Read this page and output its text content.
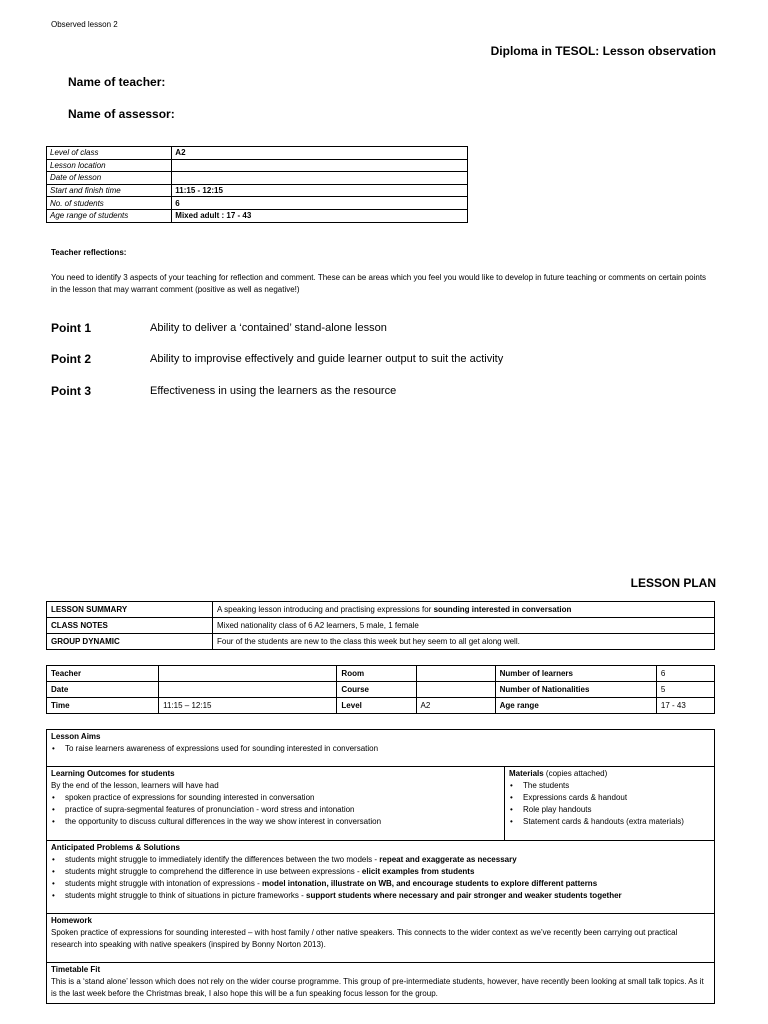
Observed lesson 2
Diploma in TESOL: Lesson observation
Name of teacher:
Name of assessor:
Level of class	A2
Lesson location	
Date of lesson	
Start and finish time	11:15 - 12:15
No. of students	6
Age range of students	Mixed adult : 17 - 43
Teacher reflections:
You need to identify 3 aspects of your teaching for reflection and comment. These can be areas which you feel you would like to develop in future teaching or comments on certain points in the lesson that may warrant comment (positive as well as negative!)
Point 1	Ability to deliver a ‘contained’ stand-alone lesson
Point 2	Ability to improvise effectively and guide learner output to suit the activity
Point 3	Effectiveness in using the learners as the resource
LESSON PLAN
LESSON SUMMARY	A speaking lesson introducing and practising expressions for sounding interested in conversation
CLASS NOTES	Mixed nationality class of 6 A2 learners, 5 male, 1 female
GROUP DYNAMIC	Four of the students are new to the class this week but hey seem to all get along well.
Teacher		Room		Number of learners	6
Date		Course		Number of Nationalities	5
Time	11:15 – 12:15	Level	A2	Age range	17 - 43
Lesson Aims
• To raise learners awareness of expressions used for sounding interested in conversation
Learning Outcomes for students
By the end of the lesson, learners will have had
• spoken practice of expressions for sounding interested in conversation
• practice of supra-segmental features of pronunciation - word stress and intonation
• the opportunity to discuss cultural differences in the way we show interest in conversation
Materials (copies attached)
• The students
• Expressions cards & handout
• Role play handouts
• Statement cards & handouts (extra materials)
Anticipated Problems & Solutions
• students might struggle to immediately identify the differences between the two models - repeat and exaggerate as necessary
• students might struggle to comprehend the difference in use between expressions - elicit examples from students
• students might struggle with intonation of expressions - model intonation, illustrate on WB, and encourage students to explore different patterns
• students might struggle to think of situations in picture frameworks - support students where necessary and pair stronger and weaker students together
Homework
Spoken practice of expressions for sounding interested – with host family / other native speakers. This connects to the wider context as we’ve recently been carrying out practical research into speaking with native speakers (inspired by Bonny Norton 2013).
Timetable Fit
This is a ‘stand alone’ lesson which does not rely on the wider course programme. This group of pre-intermediate students, however, have recently been looking at small talk topics. As it is the last week before the Christmas break, I also hope this will be a fun speaking focus lesson for the group.
